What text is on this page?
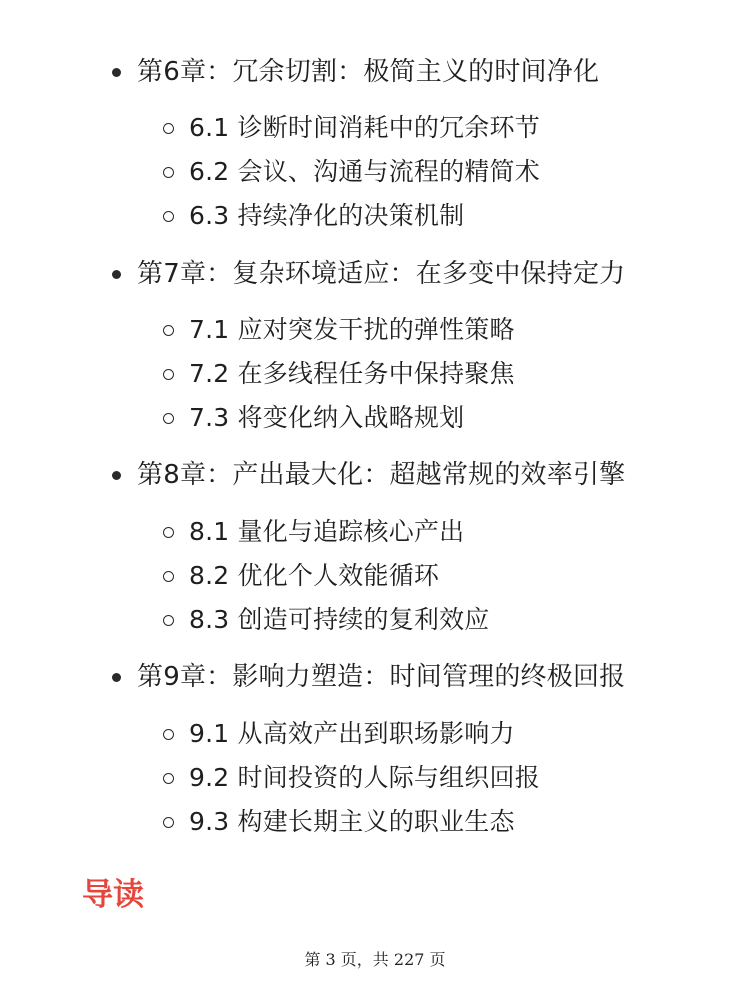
第6章：冗余切割：极简主义的时间净化
6.1 诊断时间消耗中的冗余环节
6.2 会议、沟通与流程的精简术
6.3 持续净化的决策机制
第7章：复杂环境适应：在多变中保持定力
7.1 应对突发干扰的弹性策略
7.2 在多线程任务中保持聚焦
7.3 将变化纳入战略规划
第8章：产出最大化：超越常规的效率引擎
8.1 量化与追踪核心产出
8.2 优化个人效能循环
8.3 创造可持续的复利效应
第9章：影响力塑造：时间管理的终极回报
9.1 从高效产出到职场影响力
9.2 时间投资的人际与组织回报
9.3 构建长期主义的职业生态
导读
第 3 页，共 227 页
